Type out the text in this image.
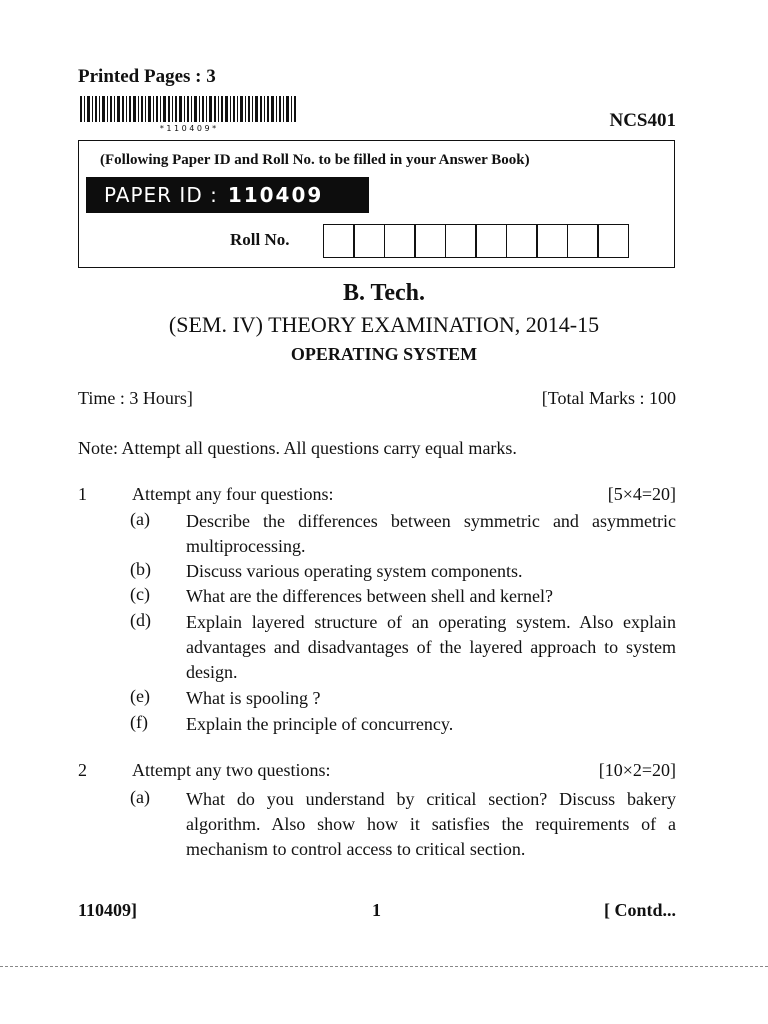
Printed Pages : 3
* 1 1 0 4 0 9 *	NCS401
(Following Paper ID and Roll No. to be filled in your Answer Book)
PAPER ID : 110409
Roll No.
B. Tech.
(SEM. IV) THEORY EXAMINATION, 2014-15
OPERATING SYSTEM
Time : 3 Hours]	[Total Marks : 100
Note: Attempt all questions. All questions carry equal marks.
1	Attempt any four questions:	[5×4=20]
(a)	Describe the differences between symmetric and asymmetric multiprocessing.
(b)	Discuss various operating system components.
(c)	What are the differences between shell and kernel?
(d)	Explain layered structure of an operating system. Also explain advantages and disadvantages of the layered approach to system design.
(e)	What is spooling ?
(f)	Explain the principle of concurrency.
2	Attempt any two questions:	[10×2=20]
(a)	What do you understand by critical section? Discuss bakery algorithm. Also show how it satisfies the requirements of a mechanism to control access to critical section.
110409]	1	[ Contd...
